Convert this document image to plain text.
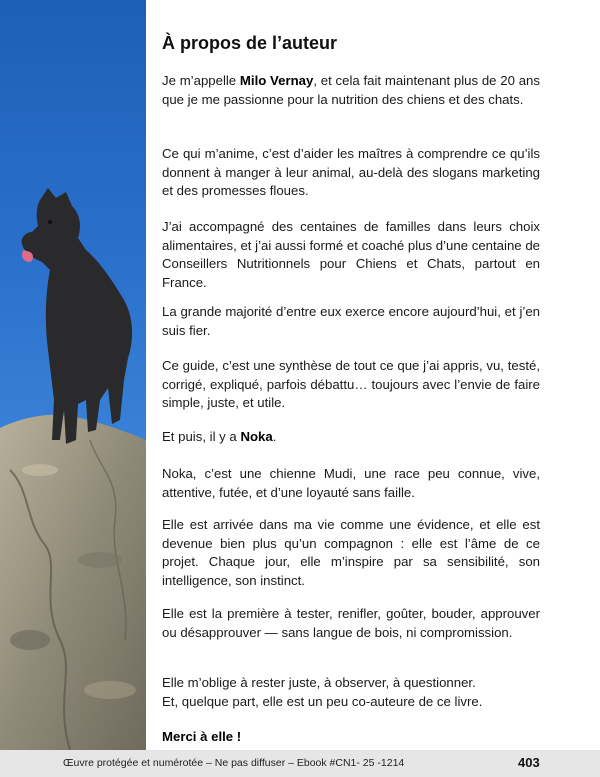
À propos de l’auteur

Je m’appelle Milo Vernay, et cela fait maintenant plus de 20 ans que je me passionne pour la nutrition des chiens et des chats.

Ce qui m’anime, c’est d’aider les maîtres à comprendre ce qu’ils donnent à manger à leur animal, au-delà des slogans marketing et des promesses floues.

J’ai accompagné des centaines de familles dans leurs choix alimentaires, et j’ai aussi formé et coaché plus d’une centaine de Conseillers Nutritionnels pour Chiens et Chats, partout en France.

La grande majorité d’entre eux exerce encore aujourd’hui, et j’en suis fier.

Ce guide, c’est une synthèse de tout ce que j’ai appris, vu, testé, corrigé, expliqué, parfois débattu… toujours avec l’envie de faire simple, juste, et utile.

Et puis, il y a Noka.

Noka, c’est une chienne Mudi, une race peu connue, vive, attentive, futée, et d’une loyauté sans faille.

Elle est arrivée dans ma vie comme une évidence, et elle est devenue bien plus qu’un compagnon : elle est l’âme de ce projet. Chaque jour, elle m’inspire par sa sensibilité, son intelligence, son instinct.

Elle est la première à tester, renifler, goûter, bouder, approuver ou désapprouver — sans langue de bois, ni compromission.

Elle m’oblige à rester juste, à observer, à questionner.
Et, quelque part, elle est un peu co-auteure de ce livre.

Merci à elle !

Œuvre protégée et numérotée – Ne pas diffuser – Ebook #CN1- 25 -1214	403
